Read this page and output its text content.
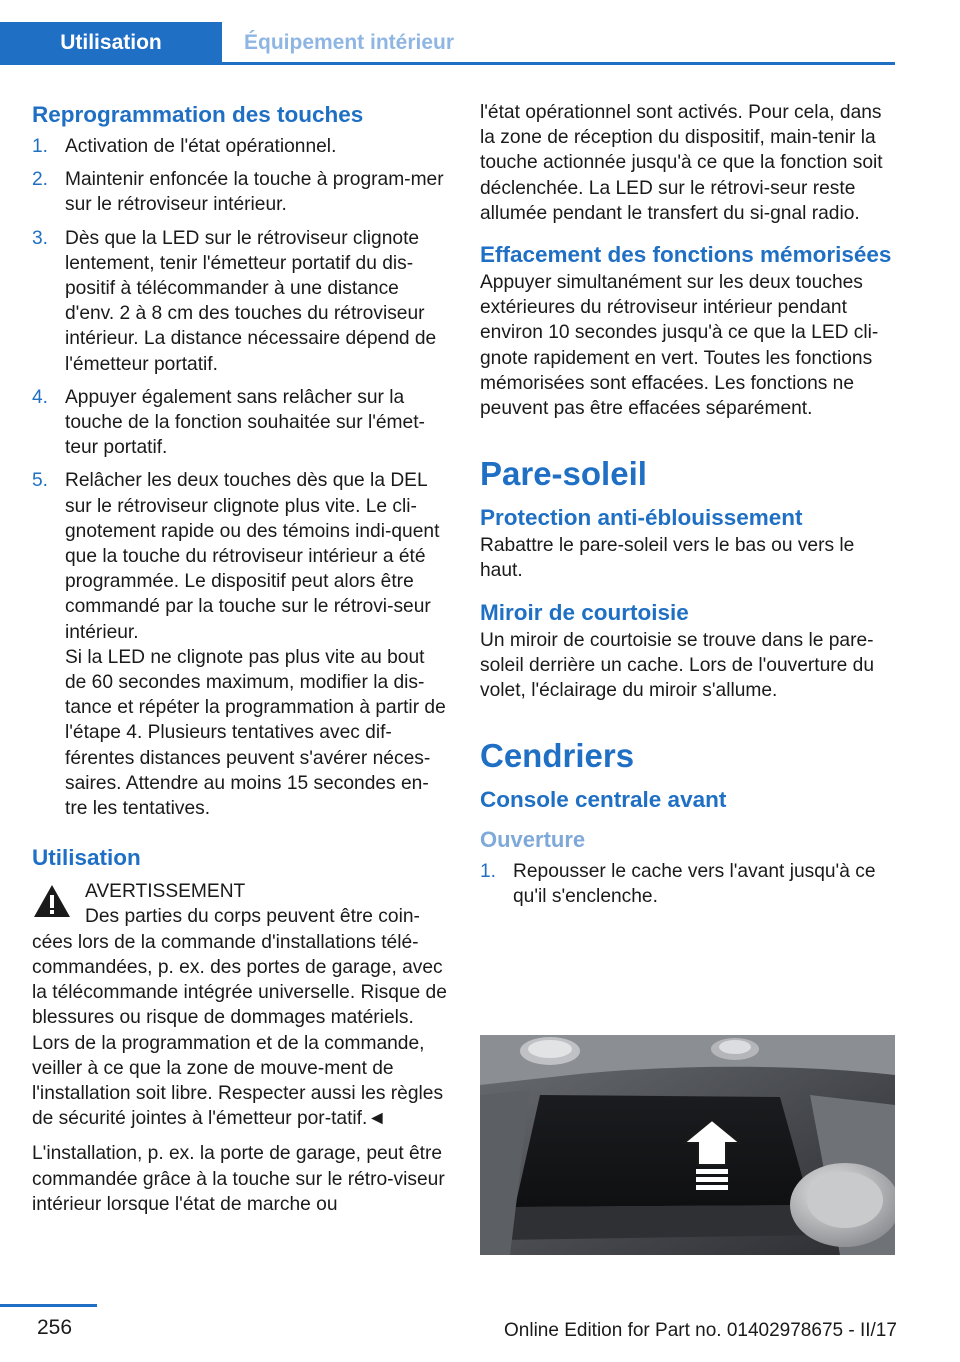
Utilisation	Équipement intérieur
Reprogrammation des touches
1. Activation de l'état opérationnel.

2. Maintenir enfoncée la touche à program‐mer sur le rétroviseur intérieur.

3. Dès que la LED sur le rétroviseur clignote lentement, tenir l'émetteur portatif du dis‐positif à télécommander à une distance d'env. 2 à 8 cm des touches du rétroviseur intérieur. La distance nécessaire dépend de l'émetteur portatif.

4. Appuyer également sans relâcher sur la touche de la fonction souhaitée sur l'émet‐teur portatif.

5. Relâcher les deux touches dès que la DEL sur le rétroviseur clignote plus vite. Le cli‐gnotement rapide ou des témoins indi‐quent que la touche du rétroviseur intérieur a été programmée. Le dispositif peut alors être commandé par la touche sur le rétrovi‐seur intérieur.

Si la LED ne clignote pas plus vite au bout de 60 secondes maximum, modifier la dis‐tance et répéter la programmation à partir de l'étape 4. Plusieurs tentatives avec dif‐férentes distances peuvent s'avérer néces‐saires. Attendre au moins 15 secondes en‐tre les tentatives.

Utilisation

AVERTISSEMENT

Des parties du corps peuvent être coin‐

cées lors de la commande d'installations télé‐commandées, p. ex. des portes de garage, avec la télécommande intégrée universelle. Risque de blessures ou risque de dommages matériels. Lors de la programmation et de la commande, veiller à ce que la zone de mouve‐ment de l'installation soit libre. Respecter aussi les règles de sécurité jointes à l'émetteur por‐tatif.◄

L'installation, p. ex. la porte de garage, peut être commandée grâce à la touche sur le rétro‐viseur intérieur lorsque l'état de marche ou

l'état opérationnel sont activés. Pour cela, dans la zone de réception du dispositif, main‐tenir la touche actionnée jusqu'à ce que la fonction soit déclenchée. La LED sur le rétrovi‐seur reste allumée pendant le transfert du si‐gnal radio.

Effacement des fonctions mémorisées

Appuyer simultanément sur les deux touches extérieures du rétroviseur intérieur pendant environ 10 secondes jusqu'à ce que la LED cli‐gnote rapidement en vert. Toutes les fonctions mémorisées sont effacées. Les fonctions ne peuvent pas être effacées séparément.

Pare-soleil
Protection anti-éblouissement

Rabattre le pare-soleil vers le bas ou vers le haut.

Miroir de courtoisie

Un miroir de courtoisie se trouve dans le pare-soleil derrière un cache. Lors de l'ouverture du volet, l'éclairage du miroir s'allume.

Cendriers
Console centrale avant
Ouverture
1. Repousser le cache vers l'avant jusqu'à ce qu'il s'enclenche.

256	Online Edition for Part no. 01402978675 - II/17
